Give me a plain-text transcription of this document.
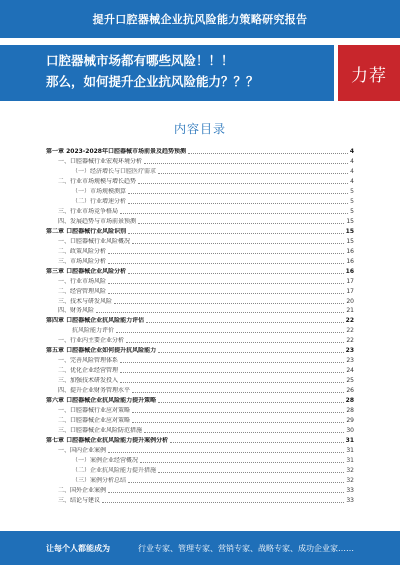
提升口腔器械企业抗风险能力策略研究报告
口腔器械市场都有哪些风险！！！
那么，如何提升企业抗风险能力？？？	力荐
内容目录
第一章 2023-2028年口腔器械市场前景及趋势预测	4
一、口腔器械行业宏观环境分析	4
（一）经济增长与口腔医疗需求	4
二、行业市场规模与增长趋势	4
（一）市场规模测算	5
（二）行业增速分析	5
三、行业市场竞争格局	5
四、发展趋势与市场前景预测	15
第二章 口腔器械行业风险识别	15
一、口腔器械行业风险概况	15
二、政策风险分析	16
三、市场风险分析	16
第三章 口腔器械企业风险分析	16
一、行业市场风险	17
二、经营管理风险	17
三、技术与研发风险	20
四、财务风险	21
第四章 口腔器械企业抗风险能力评估	22
抗风险能力评价	22
一、行业内主要企业分析	22
第五章 口腔器械企业如何提升抗风险能力	23
一、完善风险管理体系	23
二、优化企业经营管理	24
三、加强技术研发投入	25
四、提升企业财务管理水平	26
第六章 口腔器械企业抗风险能力提升策略	28
一、口腔器械行业应对策略	28
二、口腔器械企业应对策略	29
三、口腔器械企业风险防范措施	30
第七章 口腔器械企业抗风险能力提升案例分析	31
一、国内企业案例	31
（一）案例企业经营概况	31
（二）企业抗风险能力提升措施	32
（三）案例分析总结	32
二、国外企业案例	33
三、结论与建议	33
让每个人都能成为	行业专家、管理专家、营销专家、战略专家、成功企业家……
